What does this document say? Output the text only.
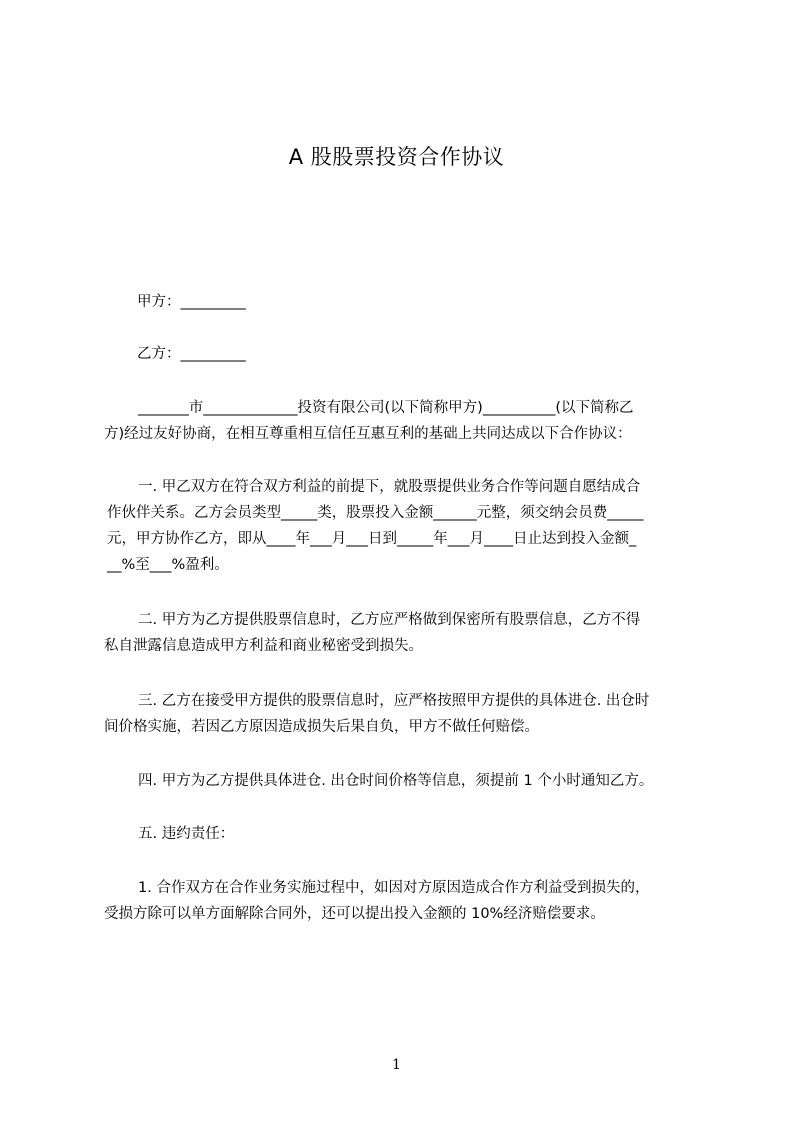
A 股股票投资合作协议
甲方：_________
乙方：_________
_______市_____________投资有限公司(以下简称甲方)__________(以下简称乙
方)经过友好协商，在相互尊重相互信任互惠互利的基础上共同达成以下合作协议：
一. 甲乙双方在符合双方利益的前提下，就股票提供业务合作等问题自愿结成合
作伙伴关系。乙方会员类型_____类，股票投入金额______元整，须交纳会员费_____
元，甲方协作乙方，即从____年___月___日到_____年___月____日止达到投入金额_
__%至___%盈利。
二. 甲方为乙方提供股票信息时，乙方应严格做到保密所有股票信息，乙方不得
私自泄露信息造成甲方利益和商业秘密受到损失。
三. 乙方在接受甲方提供的股票信息时，应严格按照甲方提供的具体进仓. 出仓时
间价格实施，若因乙方原因造成损失后果自负，甲方不做任何赔偿。
四. 甲方为乙方提供具体进仓. 出仓时间价格等信息，须提前 1 个小时通知乙方。
五. 违约责任：
1. 合作双方在合作业务实施过程中，如因对方原因造成合作方利益受到损失的，
受损方除可以单方面解除合同外，还可以提出投入金额的 10%经济赔偿要求。
1
